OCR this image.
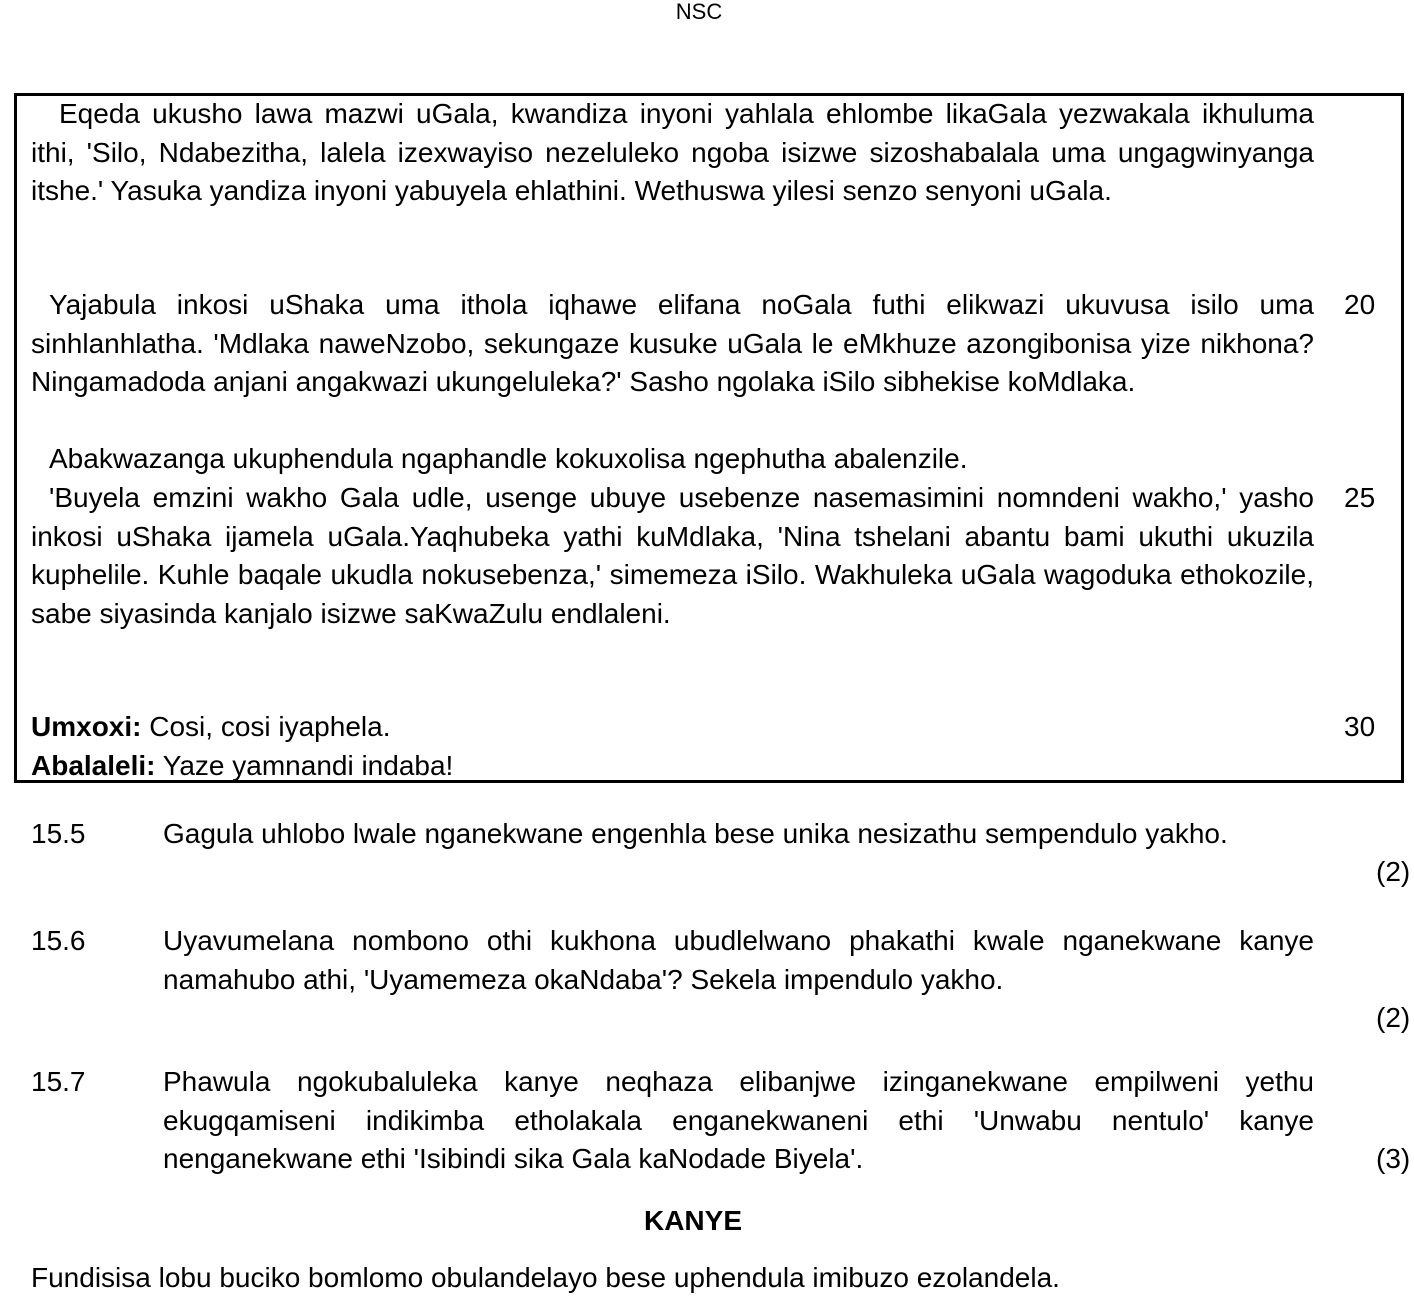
NSC
Eqeda ukusho lawa mazwi uGala, kwandiza inyoni yahlala ehlombe likaGala yezwakala ikhuluma ithi, 'Silo, Ndabezitha, lalela izexwayiso nezeluleko ngoba isizwe sizoshabalala uma ungagwinyanga itshe.' Yasuka yandiza inyoni yabuyela ehlathini. Wethuswa yilesi senzo senyoni uGala.
Yajabula inkosi uShaka uma ithola iqhawe elifana noGala futhi elikwazi ukuvusa isilo uma sinhlanhlatha. 'Mdlaka naweNzobo, sekungaze kusuke uGala le eMkhuze azongibonisa yize nikhona? Ningamadoda anjani angakwazi ukungeluleka?' Sasho ngolaka iSilo sibhekise koMdlaka.
Abakwazanga ukuphendula ngaphandle kokuxolisa ngephutha abalenzile.
'Buyela emzini wakho Gala udle, usenge ubuye usebenze nasemasimini nomndeni wakho,' yasho inkosi uShaka ijamela uGala.Yaqhubeka yathi kuMdlaka, 'Nina tshelani abantu bami ukuthi ukuzila kuphelile. Kuhle baqale ukudla nokusebenza,' simemeza iSilo. Wakhuleka uGala wagoduka ethokozile, sabe siyasinda kanjalo isizwe saKwaZulu endlaleni.
Umxoxi: Cosi, cosi iyaphela.
Abalaleli: Yaze yamnandi indaba!
20
25
30
15.5	Gagula uhlobo lwale nganekwane engenhla bese unika nesizathu sempendulo yakho.
(2)
15.6	Uyavumelana nombono othi kukhona ubudlelwano phakathi kwale nganekwane kanye namahubo athi, 'Uyamemeza okaNdaba'? Sekela impendulo yakho.
(2)
15.7	Phawula ngokubaluleka kanye neqhaza elibanjwe izinganekwane empilweni yethu ekugqamiseni indikimba etholakala enganekwaneni ethi 'Unwabu nentulo' kanye nenganekwane ethi 'Isibindi sika Gala kaNodade Biyela'.	(3)
KANYE
Fundisisa lobu buciko bomlomo obulandelayo bese uphendula imibuzo ezolandela.
